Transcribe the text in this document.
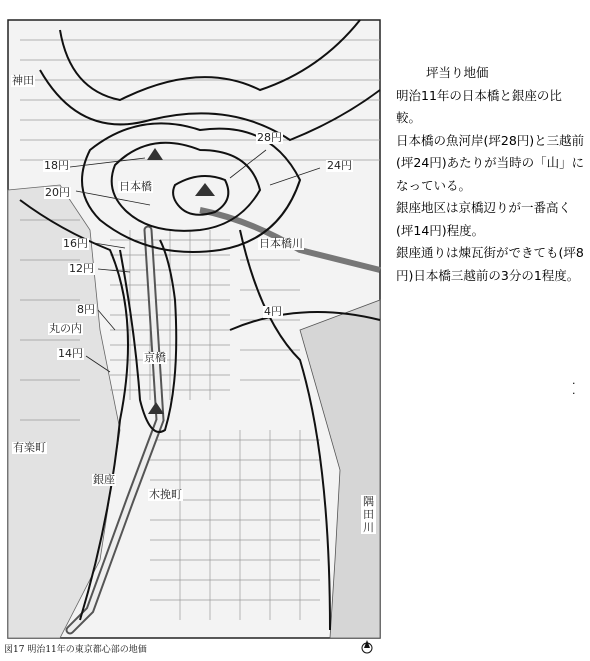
神田
日本橋
日本橋川
丸の内
京橋
有楽町
銀座
木挽町
隅田川
28円
24円
18円
20円
16円
12円
8円
14円
4円
図17 明治11年の東京都心部の地価
坪当り地価

明治11年の日本橋と銀座の比較。

日本橋の魚河岸(坪28円)と三越前(坪24円)あたりが当時の「山」になっている。

銀座地区は京橋辺りが一番高く(坪14円)程度。

銀座通りは煉瓦街ができても(坪8円)日本橋三越前の3分の1程度。

.
.
